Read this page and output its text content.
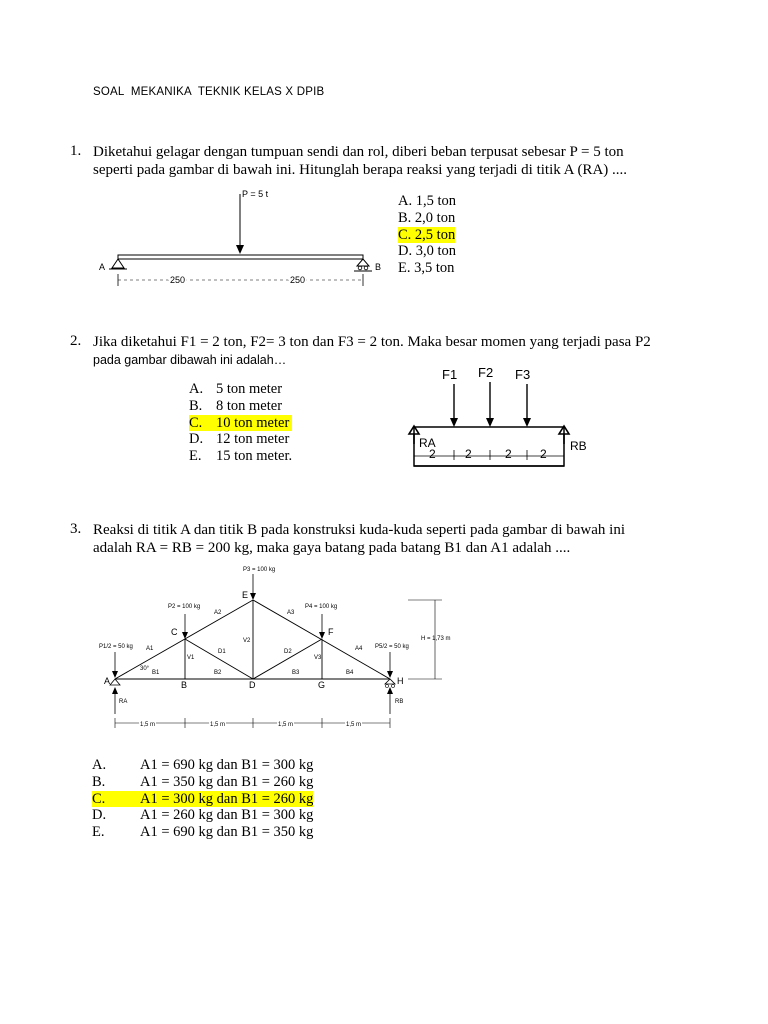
SOAL  MEKANIKA  TEKNIK KELAS X DPIB
1. Diketahui gelagar dengan tumpuan sendi dan rol, diberi beban terpusat sebesar P = 5 ton
seperti pada gambar di bawah ini. Hitunglah berapa reaksi yang terjadi di titik A (RA) ....
P = 5 t
A	B
250	250
A. 1,5 ton
B. 2,0 ton
C. 2,5 ton
D. 3,0 ton
E. 3,5 ton
2. Jika diketahui F1 = 2 ton, F2= 3 ton dan F3 = 2 ton. Maka besar momen yang terjadi pasa P2
pada gambar dibawah ini adalah…
A.	5 ton meter
B.	8 ton meter
C.	10 ton meter
D.	12 ton meter
E.	15 ton meter.
F1 F2 F3
RA	RB
2 2	2 2
3. Reaksi di titik A dan titik B pada konstruksi kuda-kuda seperti pada gambar di bawah ini
adalah RA = RB = 200 kg, maka gaya batang pada batang B1 dan A1 adalah ....
P3 = 100 kg
P2 = 100 kg	P4 = 100 kg
P1/2 = 50 kg	P5/2 = 50 kg
H = 1,73 m
30°
A1
A2	A3
A4
B1	B2	B3	B4
V1
V2
V3
D1	D2
RA	RB
1,5 m	1,5 m	1,5 m	1,5 m
A	B
C
D
E
F
G	H
A.	A1 = 690 kg dan B1 = 300 kg
B.	A1 = 350 kg dan B1 = 260 kg
C.	A1 = 300 kg dan B1 = 260 kg
D.	A1 = 260 kg dan B1 = 300 kg
E.	A1 = 690 kg dan B1 = 350 kg
